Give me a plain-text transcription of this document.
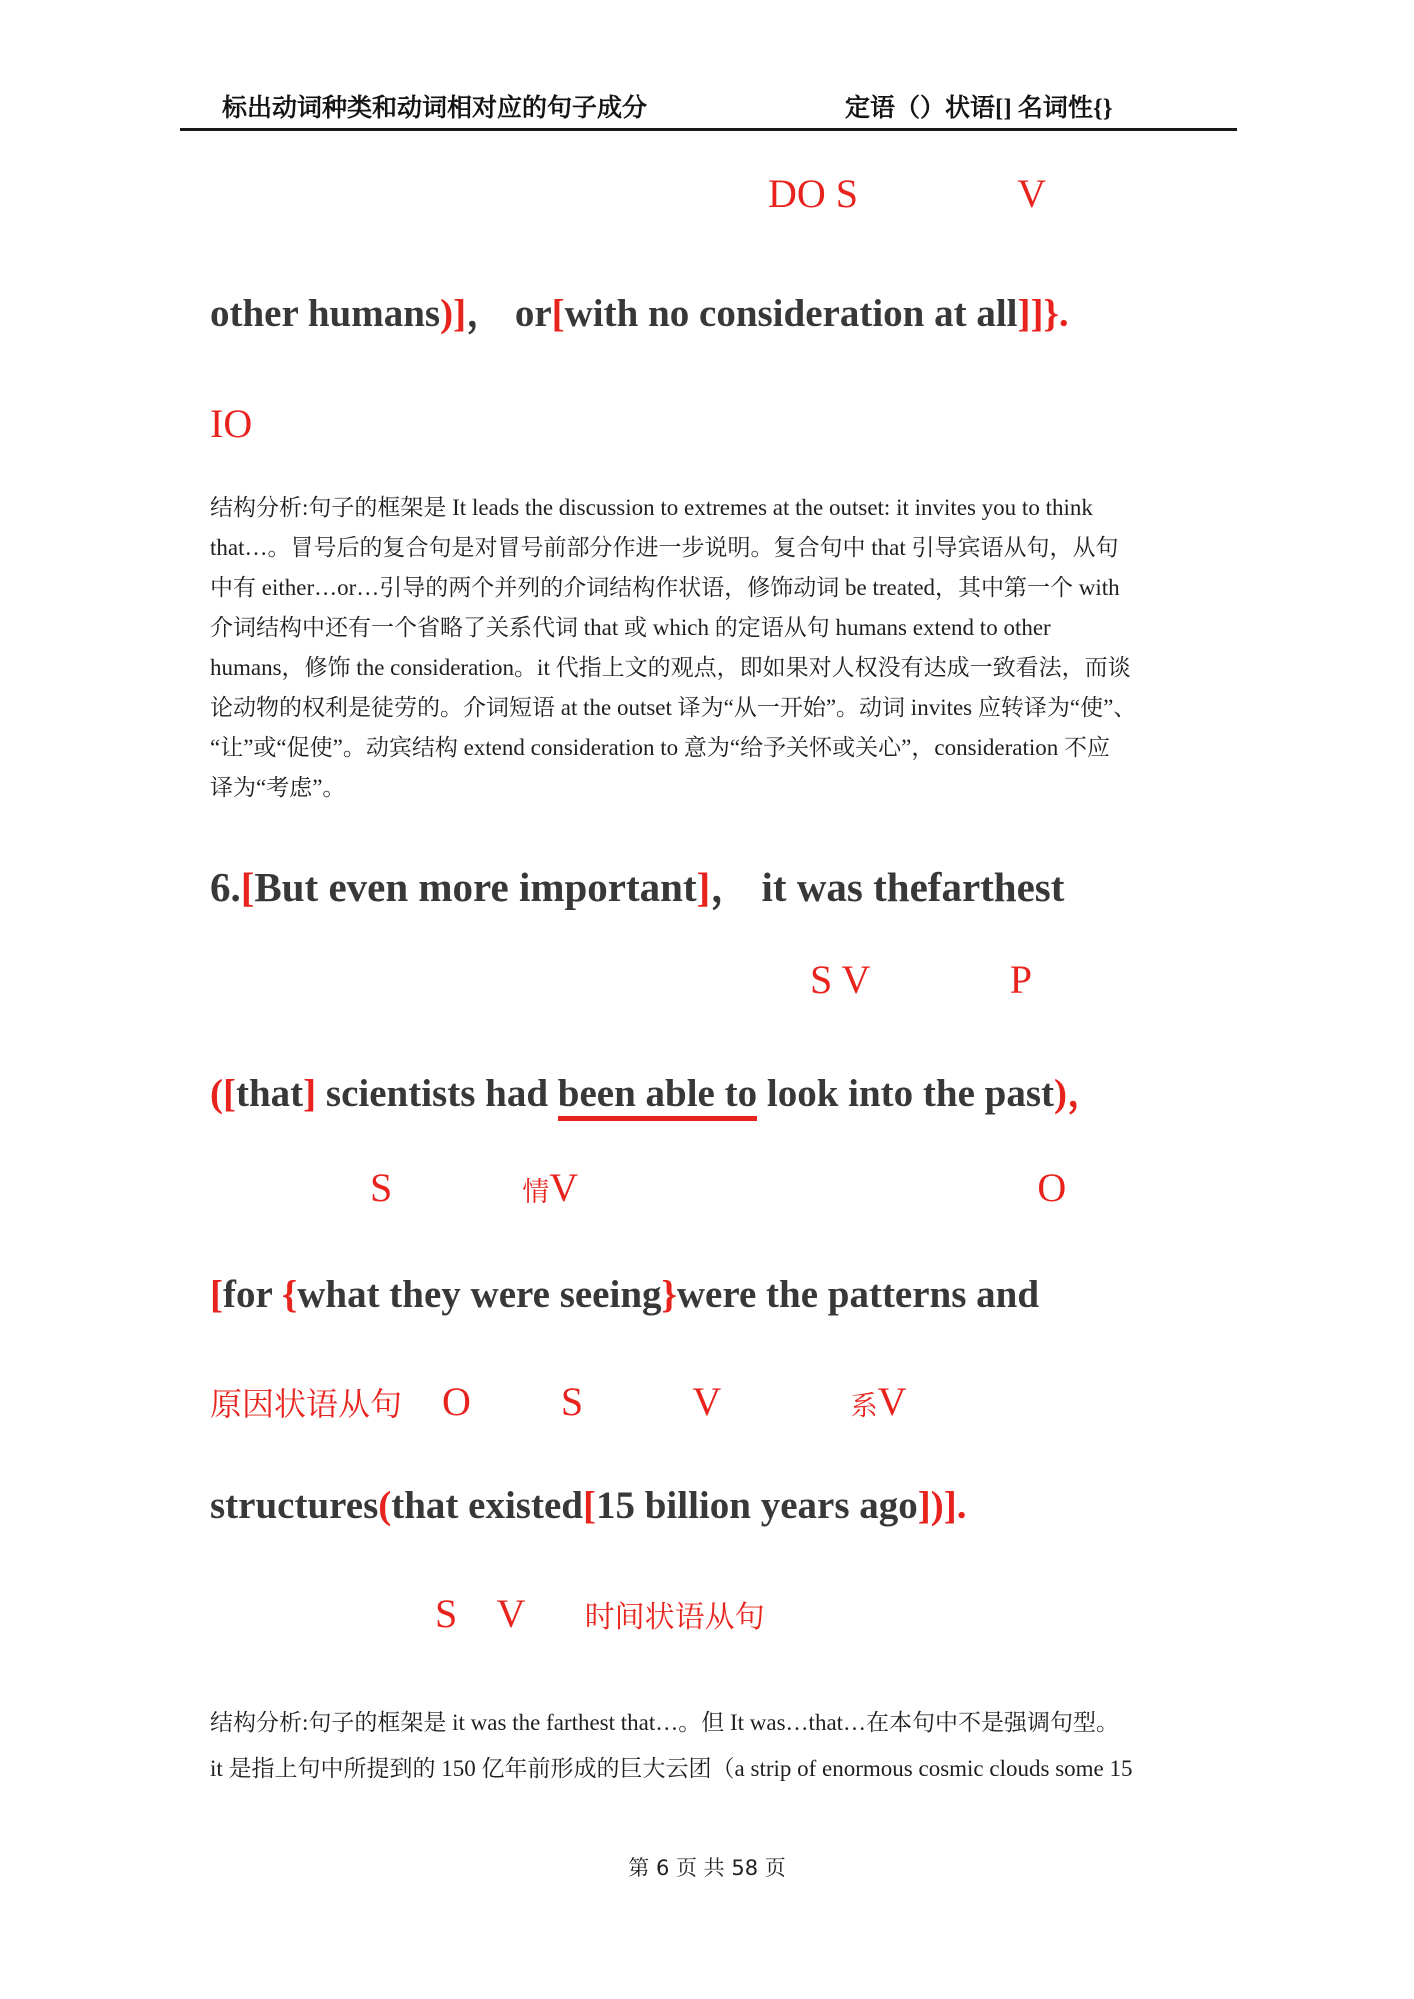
标出动词种类和动词相对应的句子成分	定语（）状语[] 名词性{}
DO S                V
other humans)]， or[with no consideration at all]]}.
IO
结构分析:句子的框架是 It leads the discussion to extremes at the outset: it invites you to think
that…。冒号后的复合句是对冒号前部分作进一步说明。复合句中 that 引导宾语从句，从句
中有 either…or…引导的两个并列的介词结构作状语，修饰动词 be treated，其中第一个 with
介词结构中还有一个省略了关系代词 that 或 which 的定语从句 humans extend to other
humans，修饰 the consideration。it 代指上文的观点，即如果对人权没有达成一致看法，而谈
论动物的权利是徒劳的。介词短语 at the outset 译为“从一开始”。动词 invites 应转译为“使”、
“让”或“促使”。动宾结构 extend consideration to 意为“给予关怀或关心”，consideration 不应
译为“考虑”。
6.[But even more important]， it was thefarthest
S V              P
([that] scientists had been able to look into the past)，
S             情V                                              O
[for {what they were seeing}were the patterns and
原因状语从句    O         S           V             系V
structures(that existed[15 billion years ago])].
S    V      时间状语从句
结构分析:句子的框架是 it was the farthest that…。但 It was…that…在本句中不是强调句型。
it 是指上句中所提到的 150 亿年前形成的巨大云团（a strip of enormous cosmic clouds some 15
第 6 页 共 58 页
